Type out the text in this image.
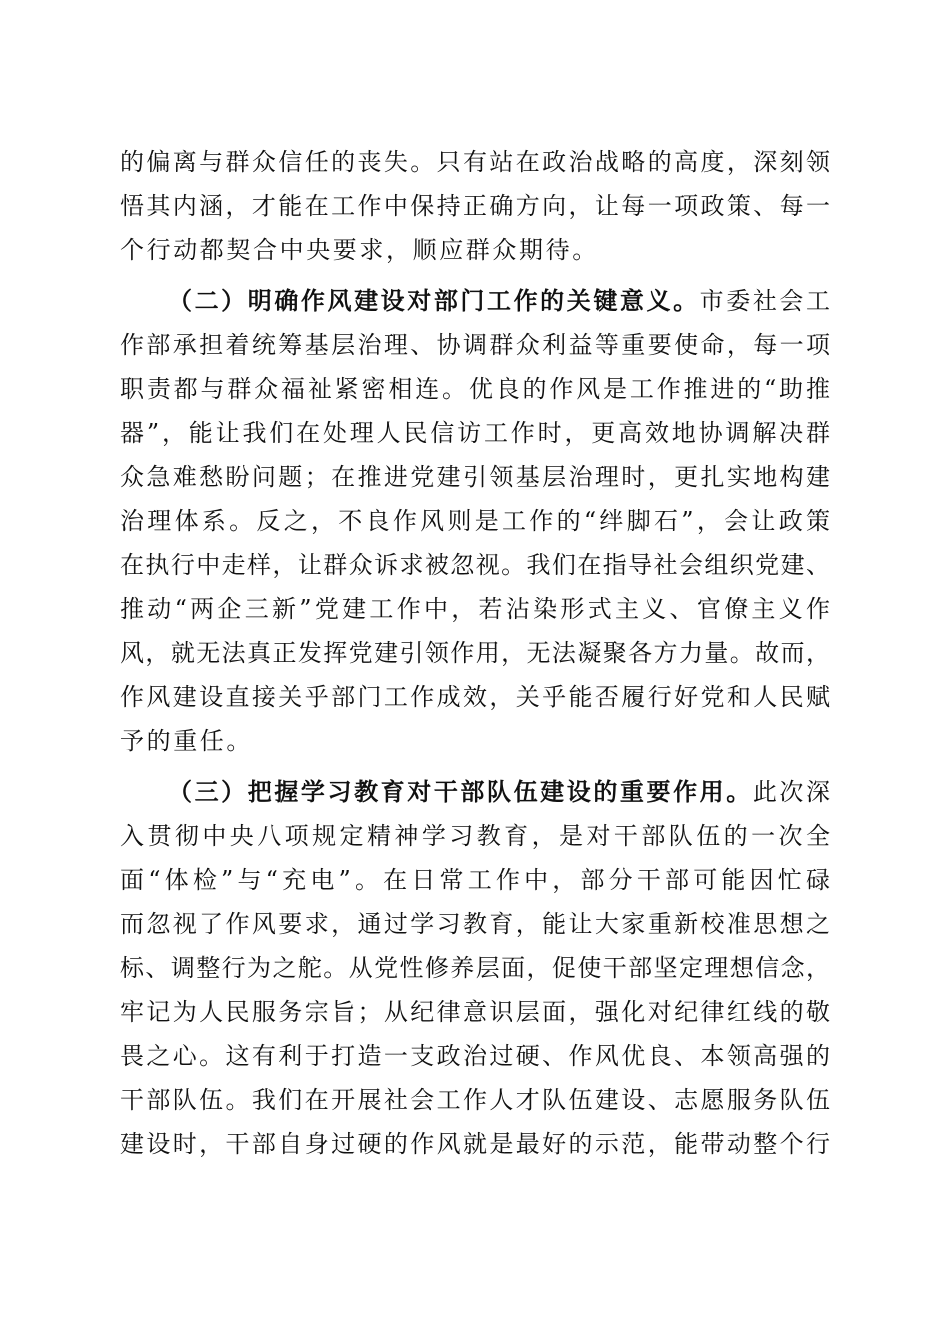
的偏离与群众信任的丧失。只有站在政治战略的高度，深刻领
悟其内涵，才能在工作中保持正确方向，让每一项政策、每一
个行动都契合中央要求，顺应群众期待。
（二）明确作风建设对部门工作的关键意义。市委社会工
作部承担着统筹基层治理、协调群众利益等重要使命，每一项
职责都与群众福祉紧密相连。优良的作风是工作推进的“助推
器”，能让我们在处理人民信访工作时，更高效地协调解决群
众急难愁盼问题；在推进党建引领基层治理时，更扎实地构建
治理体系。反之，不良作风则是工作的“绊脚石”，会让政策
在执行中走样，让群众诉求被忽视。我们在指导社会组织党建、
推动“两企三新”党建工作中，若沾染形式主义、官僚主义作
风，就无法真正发挥党建引领作用，无法凝聚各方力量。故而，
作风建设直接关乎部门工作成效，关乎能否履行好党和人民赋
予的重任。
（三）把握学习教育对干部队伍建设的重要作用。此次深
入贯彻中央八项规定精神学习教育，是对干部队伍的一次全
面“体检”与“充电”。在日常工作中，部分干部可能因忙碌
而忽视了作风要求，通过学习教育，能让大家重新校准思想之
标、调整行为之舵。从党性修养层面，促使干部坚定理想信念，
牢记为人民服务宗旨；从纪律意识层面，强化对纪律红线的敬
畏之心。这有利于打造一支政治过硬、作风优良、本领高强的
干部队伍。我们在开展社会工作人才队伍建设、志愿服务队伍
建设时，干部自身过硬的作风就是最好的示范，能带动整个行
